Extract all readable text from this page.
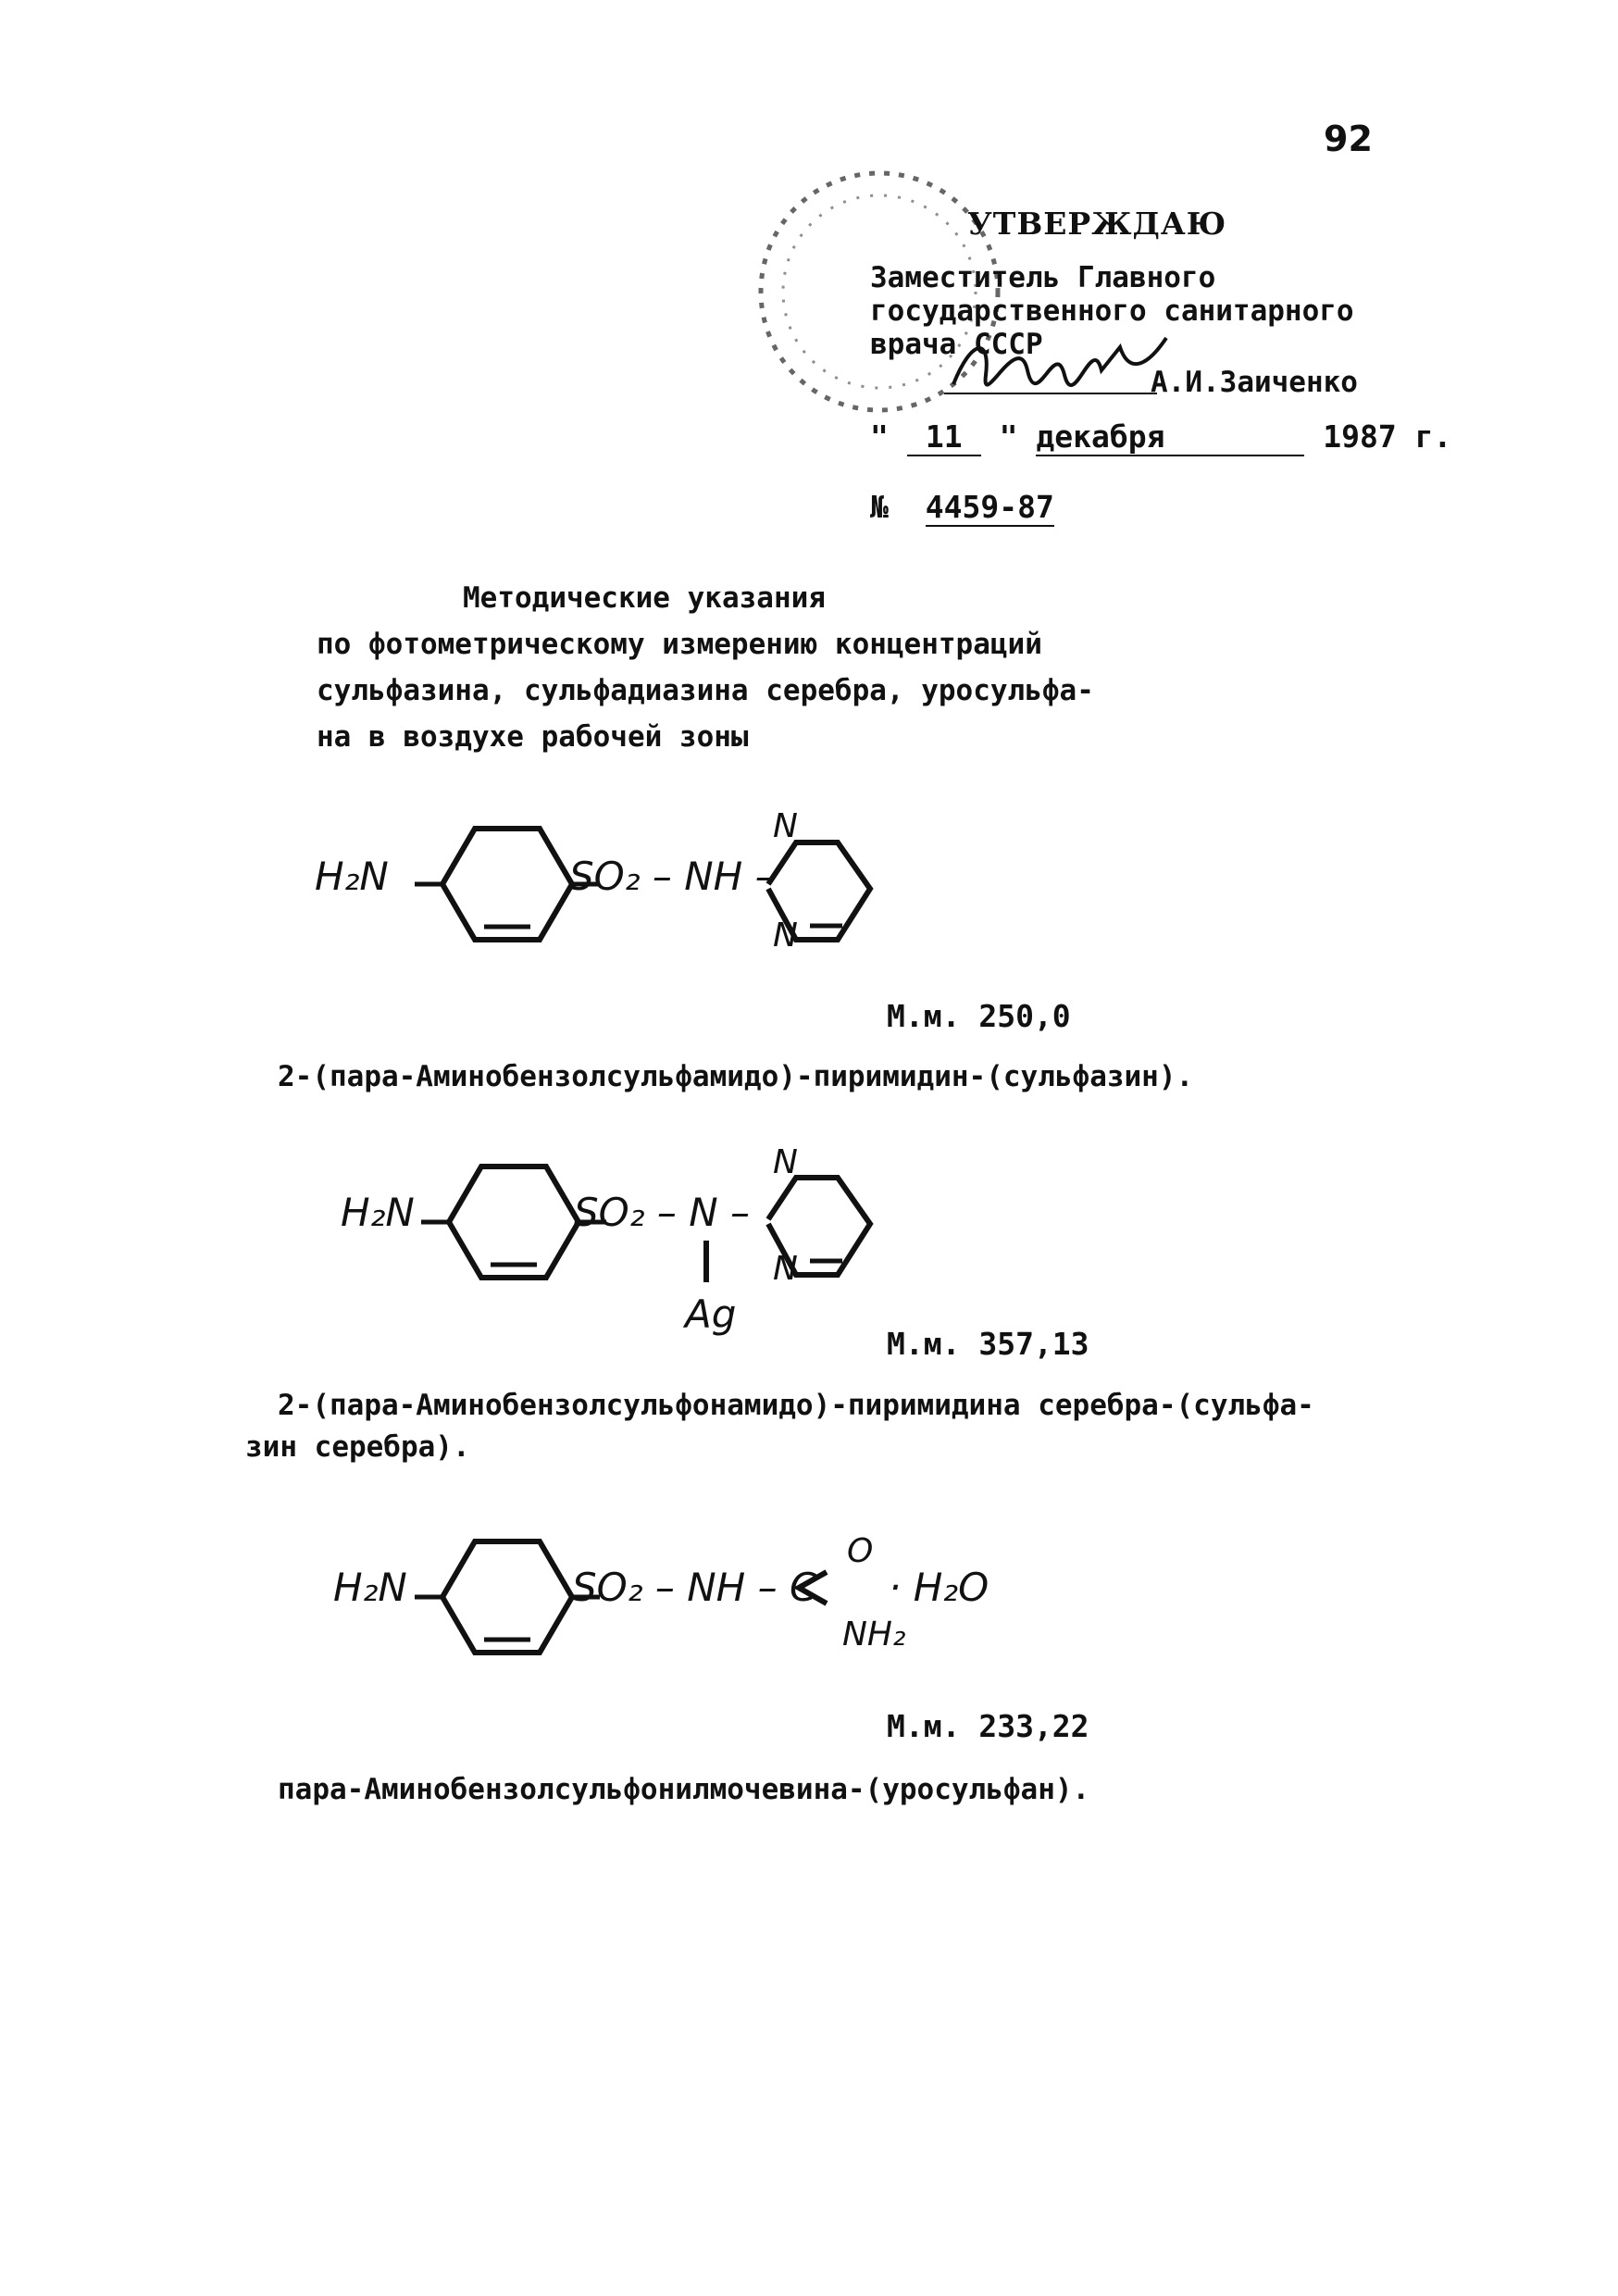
92
УТВЕРЖДАЮ
Заместитель Главного
государственного санитарного
врача СССР
А.И.Заиченко
" 11 " декабря	1987 г.
№ 4459-87
Методические указания
по фотометрическому измерению концентраций
сульфазина, сульфадиазина серебра, уросульфа-
на в воздухе рабочей зоны
H₂N	SO₂ – NH –
N
N
М.м. 250,0
2-(пара-Аминобензолсульфамидо)-пиримидин-(сульфазин).
H₂N	SO₂ – N –
N
N
Ag
М.м. 357,13
2-(пара-Аминобензолсульфонамидо)-пиримидина серебра-(сульфа-
зин серебра).
H₂N	SO₂ – NH – C
O
NH₂
· H₂O
М.м. 233,22
пара-Аминобензолсульфонилмочевина-(уросульфан).
